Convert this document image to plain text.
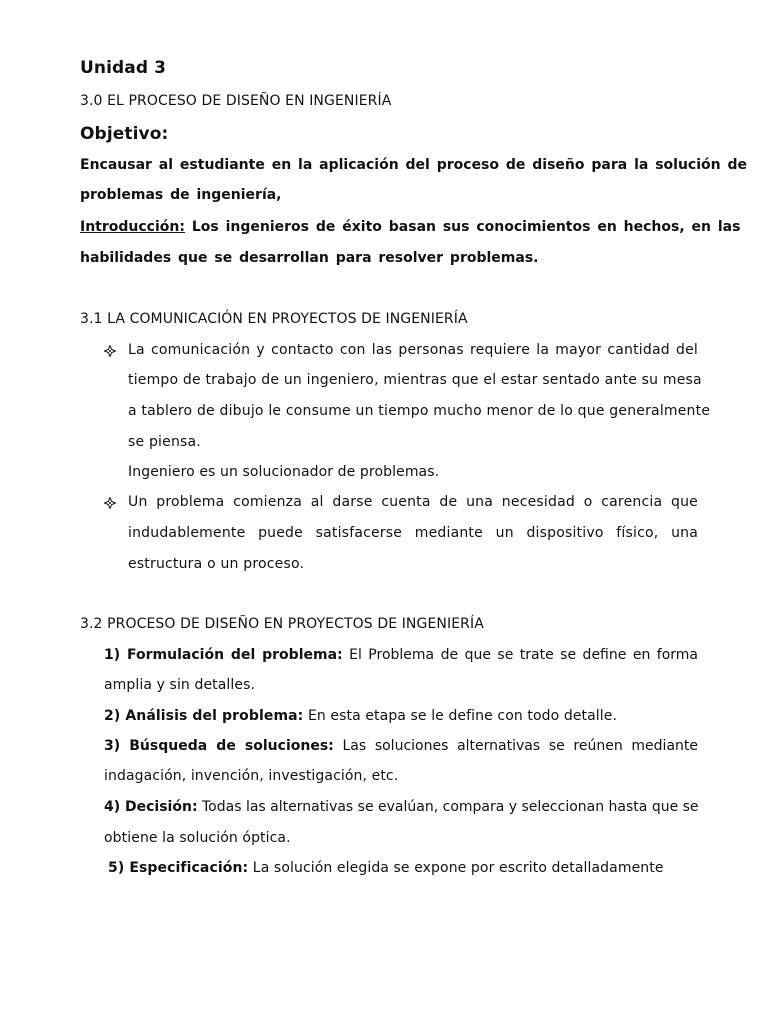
Unidad 3
3.0 EL PROCESO DE DISEÑO EN INGENIERÍA
Objetivo:
Encausar al estudiante en la aplicación del proceso de diseño para la solución de
problemas de ingeniería,
Introducción: Los ingenieros de éxito basan sus conocimientos en hechos, en las
habilidades que se desarrollan para resolver problemas.
3.1 LA COMUNICACIÓN EN PROYECTOS DE INGENIERÍA
La comunicación y contacto con las personas requiere la mayor cantidad del
tiempo de trabajo de un ingeniero, mientras que el estar sentado ante su mesa
a tablero de dibujo le consume un tiempo mucho menor de lo que generalmente
se piensa.
Ingeniero es un solucionador de problemas.
Un problema comienza al darse cuenta de una necesidad o carencia que
indudablemente puede satisfacerse mediante un dispositivo físico, una
estructura o un proceso.
3.2 PROCESO DE DISEÑO EN PROYECTOS DE INGENIERÍA
1) Formulación del problema: El Problema de que se trate se define en forma
amplia y sin detalles.
2) Análisis del problema: En esta etapa se le define con todo detalle.
3) Búsqueda de soluciones: Las soluciones alternativas se reúnen mediante
indagación, invención, investigación, etc.
4) Decisión: Todas las alternativas se evalúan, compara y seleccionan hasta que se
obtiene la solución óptica.
5) Especificación: La solución elegida se expone por escrito detalladamente
